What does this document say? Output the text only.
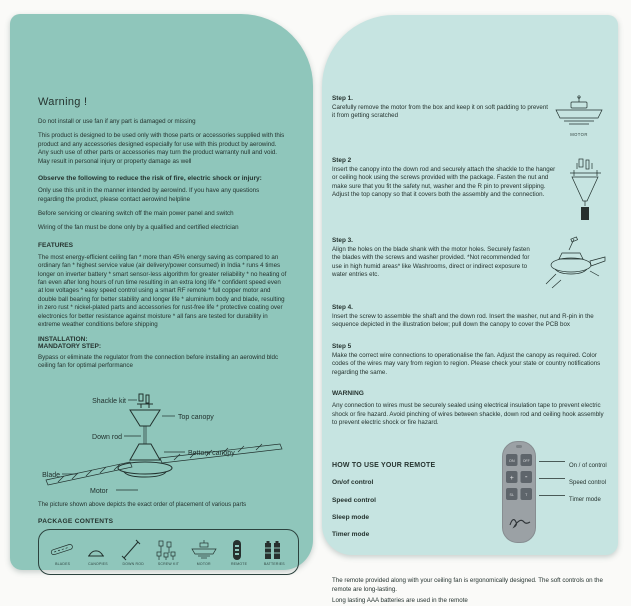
Warning !

Do not install or use fan if any part is damaged or missing

This product is designed to be used only with those parts or accessories supplied with this product and any accessories designed especially for use with this product by aerowind. Any such use of other parts or accessories may turn the product warranty null and void. May result in personal injury or property damage as well

Observe the following to reduce the risk of fire, electric shock or injury:

Only use this unit in the manner intended by aerowind. If you have any questions regarding the product, please contact aerowind helpline

Before servicing or cleaning switch off the main power panel and switch

Wiring of the fan must be done only by a qualified and certified electrician

FEATURES

The most energy-efficient ceiling fan * more than 45% energy saving as compared to an ordinary fan * highest service value (air delivery/power consumed) in India * runs 4 times longer on inverter battery * smart sensor-less algorithm for greater reliability * no heating of fan even after long hours of run time resulting in an extra long life * confident speed even at low voltages * easy speed control using a smart RF remote * full copper motor and double ball bearing for better stability and longer life * aluminium body and blade, resulting in zero rust * nickel-plated parts and accessories for rust-free life * protective coating over electronics for better resistance against moisture * all fans are tested for durability in extreme weather conditions before shipping

INSTALLATION:

MANDATORY STEP:

Bypass or eliminate the regulator from the connection before installing an aerowind bldc ceiling fan for optimal performance

Shackle kit
Top canopy
Down rod
Bottom canopy
Blade
Motor

The picture shown above depicts the exact order of placement of various parts

PACKAGE CONTENTS

BLADES	CANOPIES	DOWN ROD	SCREW KIT	MOTOR	REMOTE	BATTERIES

Step 1.

Carefully remove the motor from the box and keep it on soft padding to prevent it from getting scratched

MOTOR

Step 2

Insert the canopy into the down rod and securely attach the shackle to the hanger or ceiling hook using the screws provided with the package. Fasten the nut and make sure that you fit the safety nut, washer and the R pin to prevent slipping. Adjust the top canopy so that it covers both the assembly and the connection.

Step 3.

Align the holes on the blade shank with the motor holes. Securely fasten the blades with the screws and washer provided. *Not recommended for use in high humid areas* like Washrooms, direct or indirect exposure to water entries etc.

Step 4.

Insert the screw to assemble the shaft and the down rod. Insert the washer, nut and R-pin in the sequence depicted in the illustration below; pull down the canopy to cover the PCB box

Step 5

Make the correct wire connections to operationalise the fan. Adjust the canopy as required. Color codes of the wires may vary from region to region. Please check your state or country notifications regarding the same.

WARNING

Any connection to wires must be securely sealed using electrical insulation tape to prevent electric shock or fire hazard. Avoid pinching of wires between shackle, down rod and ceiling hook assembly to prevent electric shock or fire hazard.

HOW TO USE YOUR REMOTE

On/of control

Speed control

Sleep mode

Timer mode

ON OFF
+ -
SL	T

On / of control

Speed control

Timer mode

The remote provided along with your ceiling fan is ergonomically designed. The soft controls on the remote are long-lasting.

Long lasting AAA batteries are used in the remote
